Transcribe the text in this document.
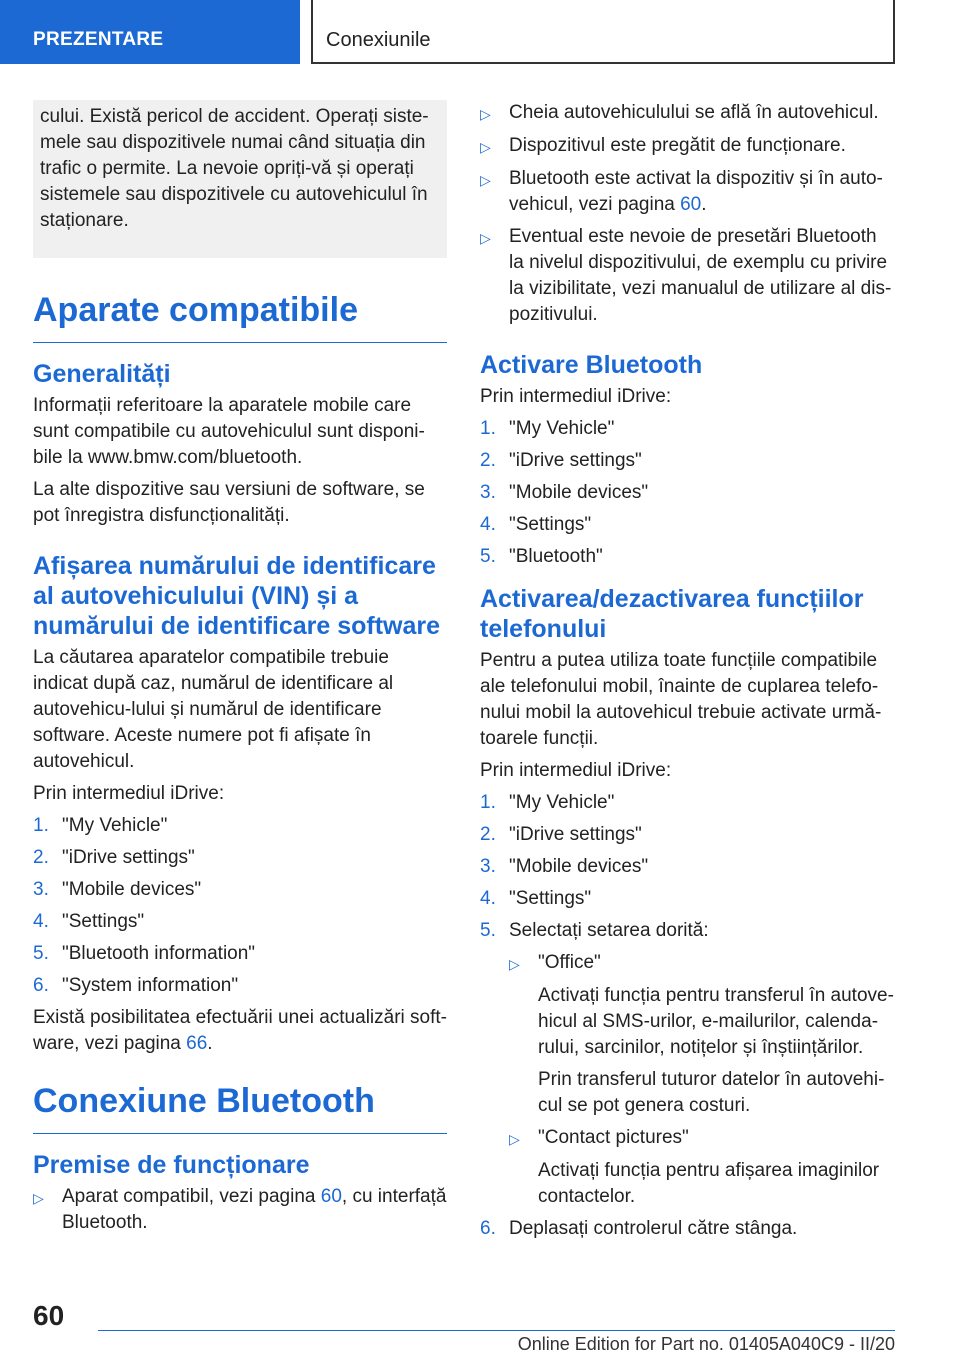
PREZENTARE	Conexiunile
cului. Există pericol de accident. Operați siste-mele sau dispozitivele numai când situația din trafic o permite. La nevoie opriți-vă și operați sistemele sau dispozitivele cu autovehiculul în staționare.
Aparate compatibile
Generalități
Informații referitoare la aparatele mobile care sunt compatibile cu autovehiculul sunt disponi-bile la www.bmw.com/bluetooth.
La alte dispozitive sau versiuni de software, se pot înregistra disfuncționalități.
Afișarea numărului de identificare al autovehiculului (VIN) și a numărului de identificare software
La căutarea aparatelor compatibile trebuie indicat după caz, numărul de identificare al autovehicu-lului și numărul de identificare software. Aceste numere pot fi afișate în autovehicul.
Prin intermediul iDrive:
1. "My Vehicle"
2. "iDrive settings"
3. "Mobile devices"
4. "Settings"
5. "Bluetooth information"
6. "System information"
Există posibilitatea efectuării unei actualizări soft-ware, vezi pagina 66.
Conexiune Bluetooth
Premise de funcționare
▷ Aparat compatibil, vezi pagina 60, cu interfață Bluetooth.
▷ Cheia autovehiculului se află în autovehicul.
▷ Dispozitivul este pregătit de funcționare.
▷ Bluetooth este activat la dispozitiv și în auto-vehicul, vezi pagina 60.
▷ Eventual este nevoie de presetări Bluetooth la nivelul dispozitivului, de exemplu cu privire la vizibilitate, vezi manualul de utilizare al dis-pozitivului.
Activare Bluetooth
Prin intermediul iDrive:
1. "My Vehicle"
2. "iDrive settings"
3. "Mobile devices"
4. "Settings"
5. "Bluetooth"
Activarea/dezactivarea funcțiilor telefonului
Pentru a putea utiliza toate funcțiile compatibile ale telefonului mobil, înainte de cuplarea telefo-nului mobil la autovehicul trebuie activate urmă-toarele funcții.
Prin intermediul iDrive:
1. "My Vehicle"
2. "iDrive settings"
3. "Mobile devices"
4. "Settings"
5. Selectați setarea dorită:
▷ "Office"
Activați funcția pentru transferul în autove-hicul al SMS-urilor, e-mailurilor, calenda-rului, sarcinilor, notițelor și înștiințărilor.
Prin transferul tuturor datelor în autovehi-cul se pot genera costuri.
▷ "Contact pictures"
Activați funcția pentru afișarea imaginilor contactelor.
6. Deplasați controlerul către stânga.
60
Online Edition for Part no. 01405A040C9 - II/20
